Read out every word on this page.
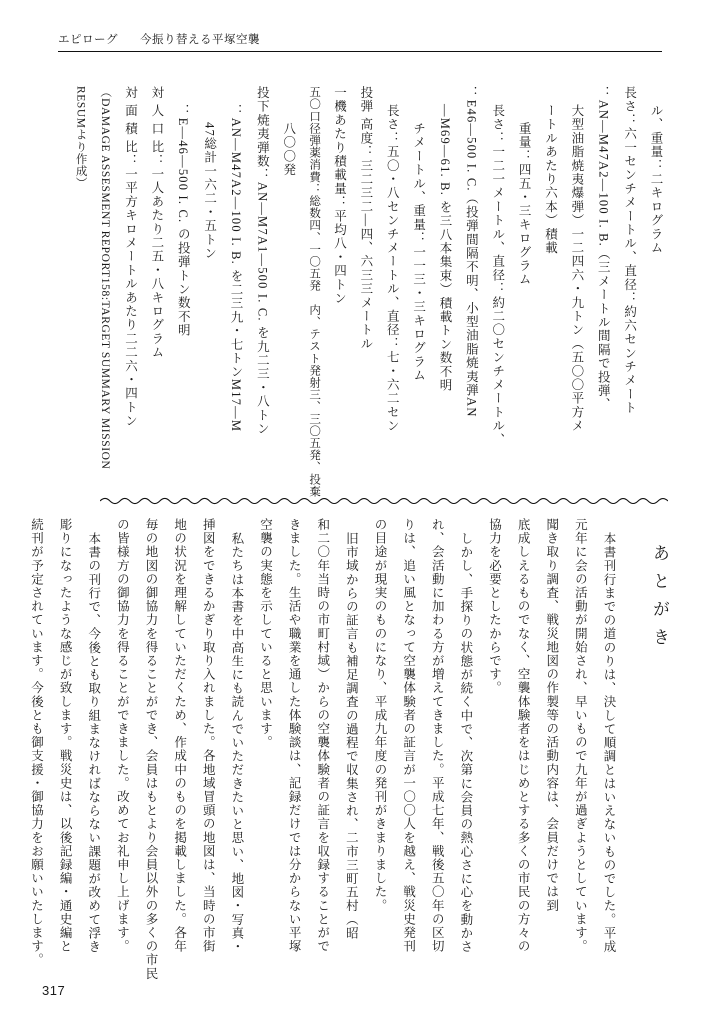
エピローグ 今振り替える平塚空襲
ル、重量：二キログラム
長さ：六一センチメートル、直径：約六センチメート
：AN—M47A2—100 I. B.（三メートル間隔で投弾、
大型油脂焼夷爆弾）一二四六・九トン（五〇〇平方メ
ートルあたり六本）積載
重量：四五・三キログラム
長さ：一二一メートル、直径：約二〇センチメートル、
：E46—500 I. C.（投弾間隔不明、小型油脂焼夷弾AN
—M69—61. B. を三八本集束）積載トン数不明
チメートル、重量：一一三・三キログラム
長さ：五〇・八センチメートル、直径：七・六二セン
投弾 高度：三二三二—四、六三三メートル
一機あたり積載量：平均八・四トン
五〇口径弾薬消費：総数四、一〇五発　内、テスト発射三、三〇五発、投棄
八〇〇発
投下焼夷弾数：AN—M7A1—500 I. C. を九二三・八トン
：AN—M47A2—100 I. B. を二三九・七トンM17—M
47総計一六二・五トン
：E—46—500 I. C. の投弾トン数不明
対 人 口 比：一人あたり二五・八キログラム
対 面 積 比：一平方キロメートルあたり二二六・四トン
（DAMAGE ASSESMENT REPORT158:TARGET SUMMARY MISSION
RESUMより作成）
あとがき
本書刊行までの道のりは、決して順調とはいえないものでした。平成
元年に会の活動が開始され、早いもので九年が過ぎようとしています。
聞き取り調査、戦災地図の作製等の活動内容は、会員だけでは到
底成しえるものでなく、空襲体験者をはじめとする多くの市民の方々の
協力を必要としたからです。
しかし、手探りの状態が続く中で、次第に会員の熱心さに心を動かさ
れ、会活動に加わる方が増えてきました。平成七年、戦後五〇年の区切
りは、追い風となって空襲体験者の証言が一〇〇人を越え、戦災史発刊
の目途が現実のものになり、平成九年度の発刊がきまりました。
旧市域からの証言も補足調査の過程で収集され、二市三町五村（昭
和二〇年当時の市町村域）からの空襲体験者の証言を収録することがで
きました。生活や職業を通した体験談は、記録だけでは分からない平塚
空襲の実態を示していると思います。
私たちは本書を中高生にも読んでいただきたいと思い、地図・写真・
挿図をできるかぎり取り入れました。各地域冒頭の地図は、当時の市街
地の状況を理解していただくため、作成中のものを掲載しました。各年
毎の地図の御協力を得ることができ、会員はもとより会員以外の多くの市民
の皆様方の御協力を得ることができました。改めてお礼申し上げます。
本書の刊行で、今後とも取り組まなければならない課題が改めて浮き
彫りになったような感じが致します。戦災史は、以後記録編・通史編と
続刊が予定されています。今後とも御支援・御協力をお願いいたします。
317
